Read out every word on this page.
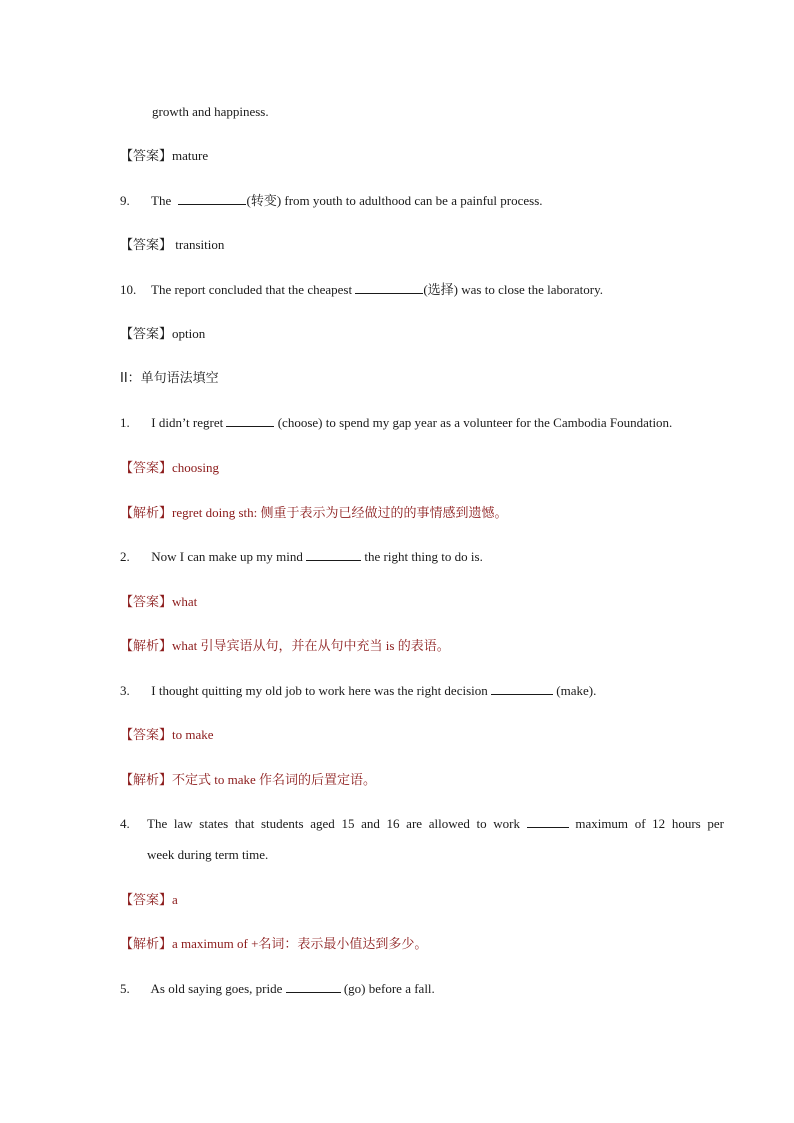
growth and happiness.
【答案】mature
9. The	(转变) from youth to adulthood can be a painful process.
【答案】 transition
10. The report concluded that the cheapest	(选择) was to close the laboratory.
【答案】option
II：单句语法填空
1. I didn’t regret	(choose) to spend my gap year as a volunteer for the Cambodia Foundation.
【答案】choosing
【解析】regret doing sth: 侧重于表示为已经做过的的事情感到遗憾。
2. Now I can make up my mind	the right thing to do is.
【答案】what
【解析】what 引导宾语从句，并在从句中充当 is 的表语。
3. I thought quitting my old job to work here was the right decision	(make).
【答案】to make
【解析】不定式 to make 作名词的后置定语。
4.	The law states that students aged 15 and 16 are allowed to work	maximum of 12 hours per
week during term time.
【答案】a
【解析】a maximum of +名词：表示最小值达到多少。
5. As old saying goes, pride	(go) before a fall.
